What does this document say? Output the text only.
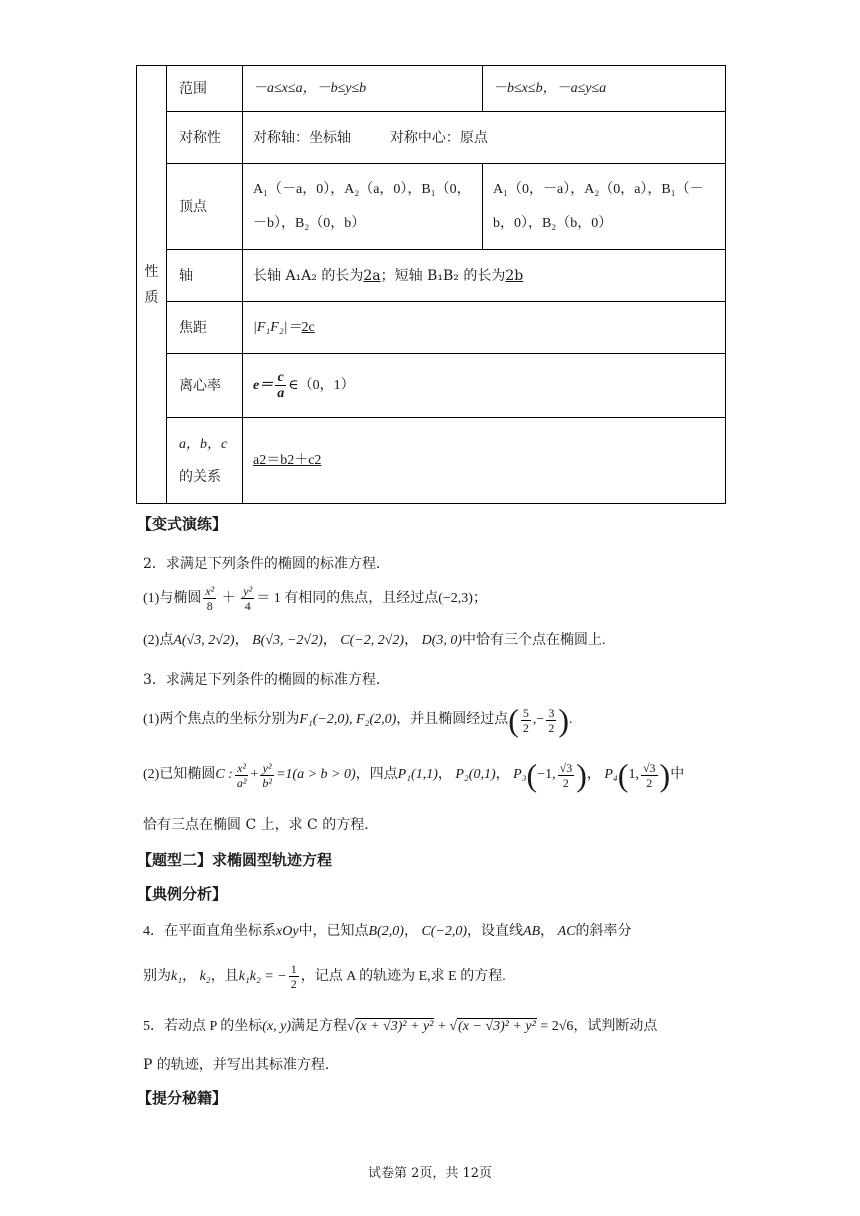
性
质	范围	－a≤x≤a，－b≤y≤b	－b≤x≤b，－a≤y≤a
	对称性	对称轴：坐标轴 对称中心：原点	
	顶点	A₁（－a，0），A₂（a，0），B₁（0，
－b），B₂（0，b）	A₁（0，－a），A₂（0，a），B₁（－
b，0），B₂（b，0）
	轴	长轴 A₁A₂ 的长为2a；短轴 B₁B₂ 的长为2b	
	焦距	|F₁F₂|＝2c	
	离心率	$e= \frac{c}{a}$ ∈（0，1）	
	a，b，c
的关系	a2＝b2＋c2	
【变式演练】
2．求满足下列条件的椭圆的标准方程.
(1)与椭圆 $\frac{\text{x²}}{8} + \frac{\text{y²}}{4} = 1$ 有相同的焦点，且经过点(−2,3)；
(2)点A(√3, 2√2)， B(√3, −2√2)， C(−2, 2√2)， D(3, 0)中恰有三个点在椭圆上.
3．求满足下列条件的椭圆的标准方程.
(1)两个焦点的坐标分别为F₁(−2,0), F₂(2,0)，并且椭圆经过点( $\frac{5}{2}$ ,− $\frac{3}{2}$ ).
(2)已知椭圆C : $\frac{\text{x²}}{\text{a²}} + \frac{\text{y²}}{\text{b²}} =1(a > b > 0)$，四点P₁(1,1)， P₂(0,1)， P₃(−1, $\frac{√3}{2}$ )， P₄(1, $\frac{√3}{2}$ )中
恰有三点在椭圆 C 上，求 C 的方程.
【题型二】求椭圆型轨迹方程
【典例分析】
4．在平面直角坐标系xOy中，已知点B(2,0)， C(−2,0)，设直线AB， AC的斜率分
别为k₁， k₂，且k₁k₂ = − $\frac{1}{2}$ ，记点 A 的轨迹为 E,求 E 的方程.
5．若动点 P 的坐标(x, y)满足方程√(x + √3)² + y² + √(x − √3)² + y² = 2√6，试判断动点
P 的轨迹，并写出其标准方程.
【提分秘籍】
试卷第 2页，共 12页
